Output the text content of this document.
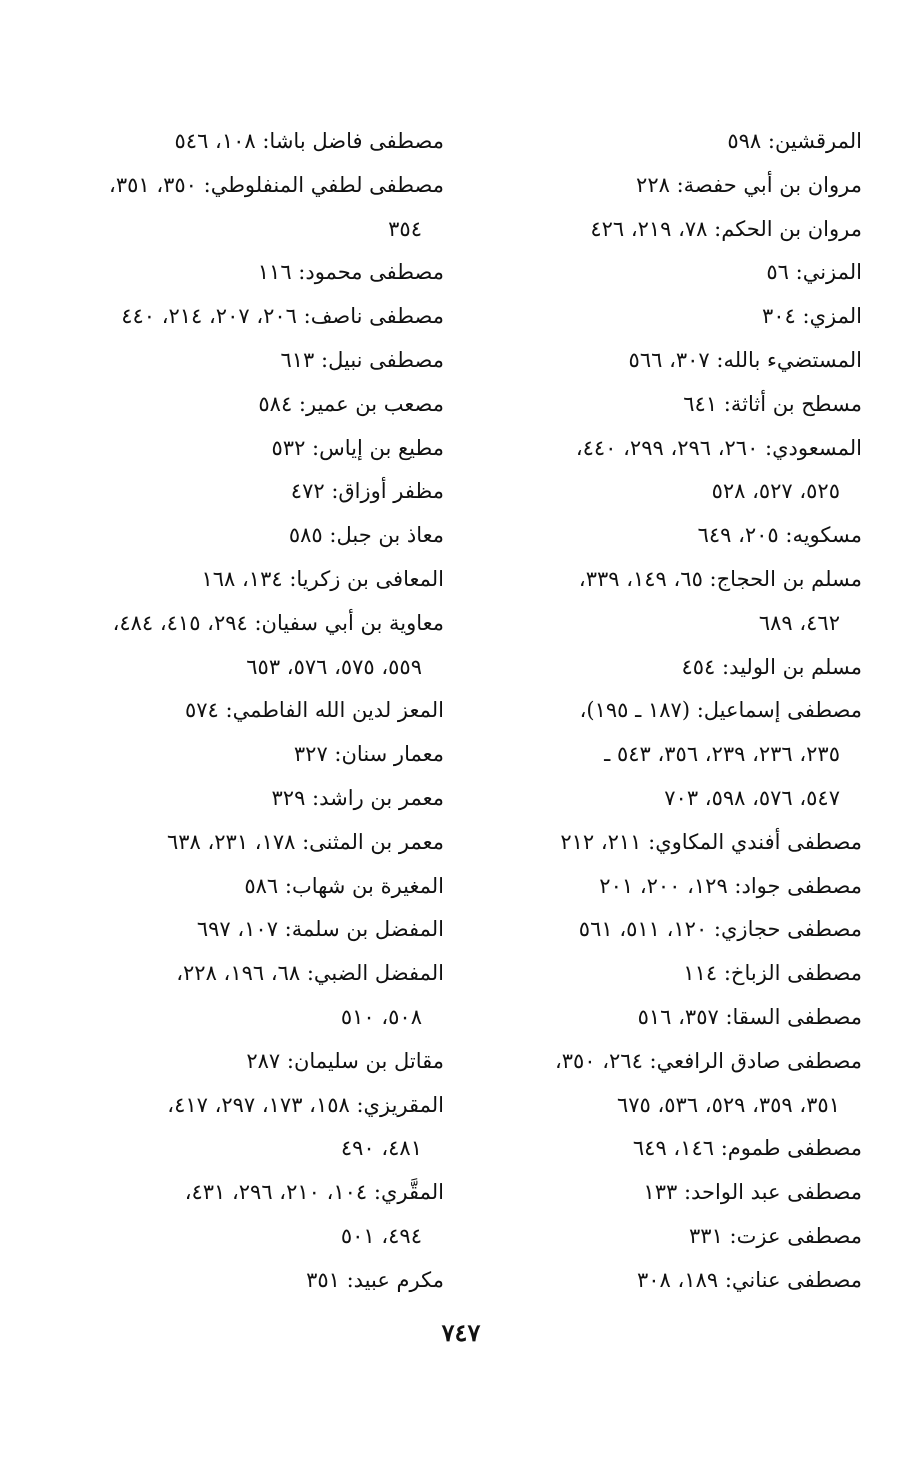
المرقشين: ٥٩٨
مروان بن أبي حفصة: ٢٢٨
مروان بن الحكم: ٧٨، ٢١٩، ٤٢٦
المزني: ٥٦
المزي: ٣٠٤
المستضيء بالله: ٣٠٧، ٥٦٦
مسطح بن أثاثة: ٦٤١
المسعودي: ٢٦٠، ٢٩٦، ٢٩٩، ٤٤٠،
٥٢٥، ٥٢٧، ٥٢٨
مسكويه: ٢٠٥، ٦٤٩
مسلم بن الحجاج: ٦٥، ١٤٩، ٣٣٩،
٤٦٢، ٦٨٩
مسلم بن الوليد: ٤٥٤
مصطفى إسماعيل: (١٨٧ ـ ١٩٥)،
٢٣٥، ٢٣٦، ٢٣٩، ٣٥٦، ٥٤٣ ـ
٥٤٧، ٥٧٦، ٥٩٨، ٧٠٣
مصطفى أفندي المكاوي: ٢١١، ٢١٢
مصطفى جواد: ١٢٩، ٢٠٠، ٢٠١
مصطفى حجازي: ١٢٠، ٥١١، ٥٦١
مصطفى الزباخ: ١١٤
مصطفى السقا: ٣٥٧، ٥١٦
مصطفى صادق الرافعي: ٢٦٤، ٣٥٠،
٣٥١، ٣٥٩، ٥٢٩، ٥٣٦، ٦٧٥
مصطفى طموم: ١٤٦، ٦٤٩
مصطفى عبد الواحد: ١٣٣
مصطفى عزت: ٣٣١
مصطفى عناني: ١٨٩، ٣٠٨
مصطفى فاضل باشا: ١٠٨، ٥٤٦
مصطفى لطفي المنفلوطي: ٣٥٠، ٣٥١،
٣٥٤
مصطفى محمود: ١١٦
مصطفى ناصف: ٢٠٦، ٢٠٧، ٢١٤، ٤٤٠
مصطفى نبيل: ٦١٣
مصعب بن عمير: ٥٨٤
مطيع بن إياس: ٥٣٢
مظفر أوزاق: ٤٧٢
معاذ بن جبل: ٥٨٥
المعافى بن زكريا: ١٣٤، ١٦٨
معاوية بن أبي سفيان: ٢٩٤، ٤١٥، ٤٨٤،
٥٥٩، ٥٧٥، ٥٧٦، ٦٥٣
المعز لدين الله الفاطمي: ٥٧٤
معمار سنان: ٣٢٧
معمر بن راشد: ٣٢٩
معمر بن المثنى: ١٧٨، ٢٣١، ٦٣٨
المغيرة بن شهاب: ٥٨٦
المفضل بن سلمة: ١٠٧، ٦٩٧
المفضل الضبي: ٦٨، ١٩٦، ٢٢٨،
٥٠٨، ٥١٠
مقاتل بن سليمان: ٢٨٧
المقريزي: ١٥٨، ١٧٣، ٢٩٧، ٤١٧،
٤٨١، ٤٩٠
المقَّري: ١٠٤، ٢١٠، ٢٩٦، ٤٣١،
٤٩٤، ٥٠١
مكرم عبيد: ٣٥١
٧٤٧
